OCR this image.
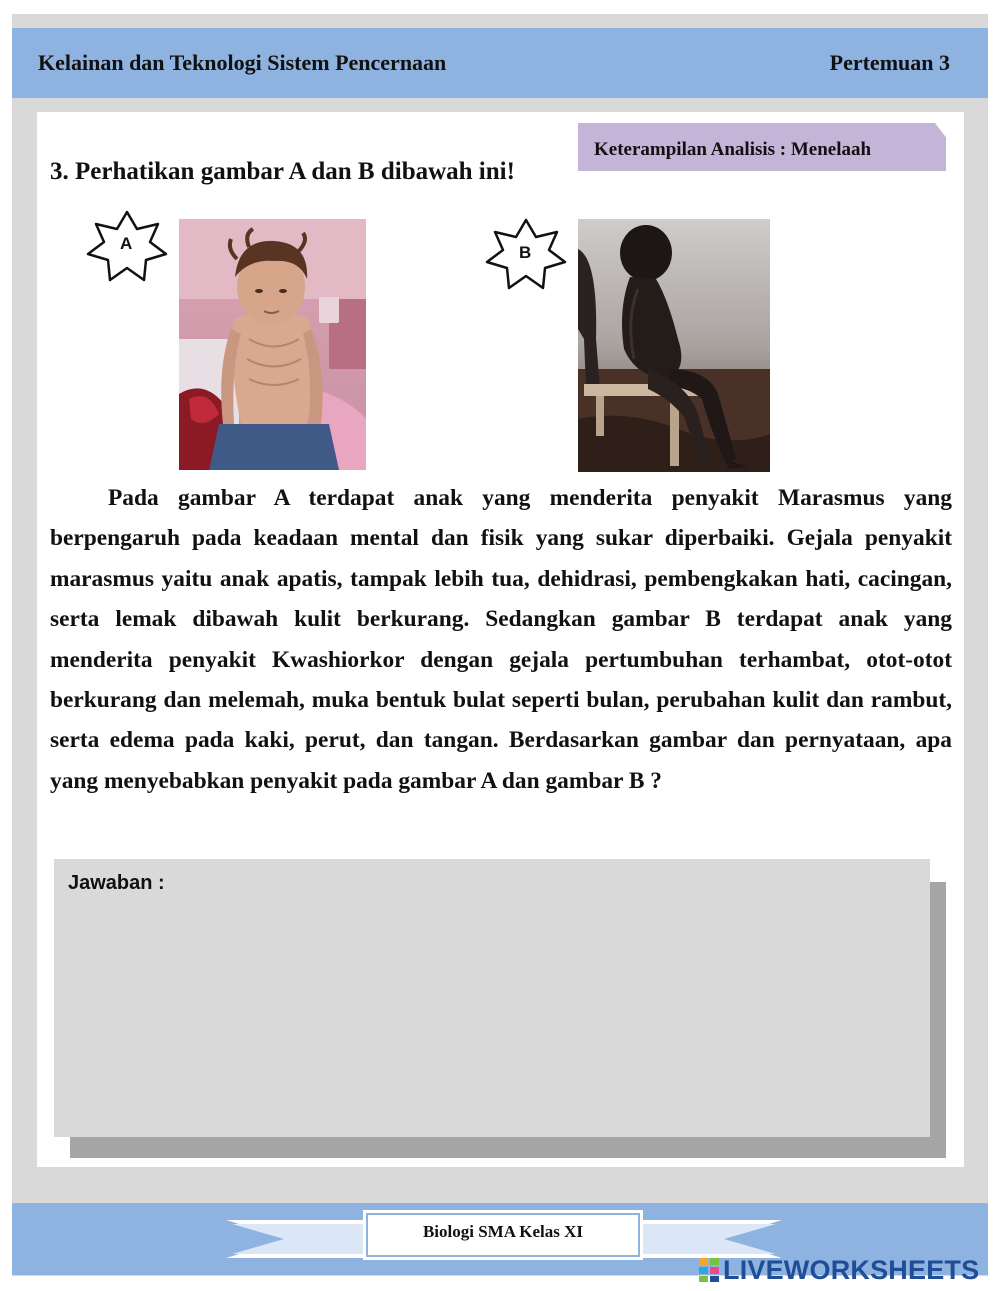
Kelainan dan Teknologi Sistem Pencernaan	Pertemuan 3
Keterampilan Analisis : Menelaah
3. Perhatikan gambar A dan B dibawah ini!
A	B
Pada gambar A terdapat anak yang menderita penyakit Marasmus yang berpengaruh pada keadaan mental dan fisik yang sukar diperbaiki. Gejala penyakit marasmus yaitu anak apatis, tampak lebih tua, dehidrasi, pembengkakan hati, cacingan, serta lemak dibawah kulit berkurang. Sedangkan gambar B terdapat anak yang menderita penyakit Kwashiorkor dengan gejala pertumbuhan terhambat, otot-otot berkurang dan melemah, muka bentuk bulat seperti bulan, perubahan kulit dan rambut, serta edema pada kaki, perut, dan tangan. Berdasarkan gambar dan pernyataan, apa yang menyebabkan penyakit pada gambar A dan gambar B ?
Jawaban :
Biologi SMA Kelas XI
LIVEWORKSHEETS
